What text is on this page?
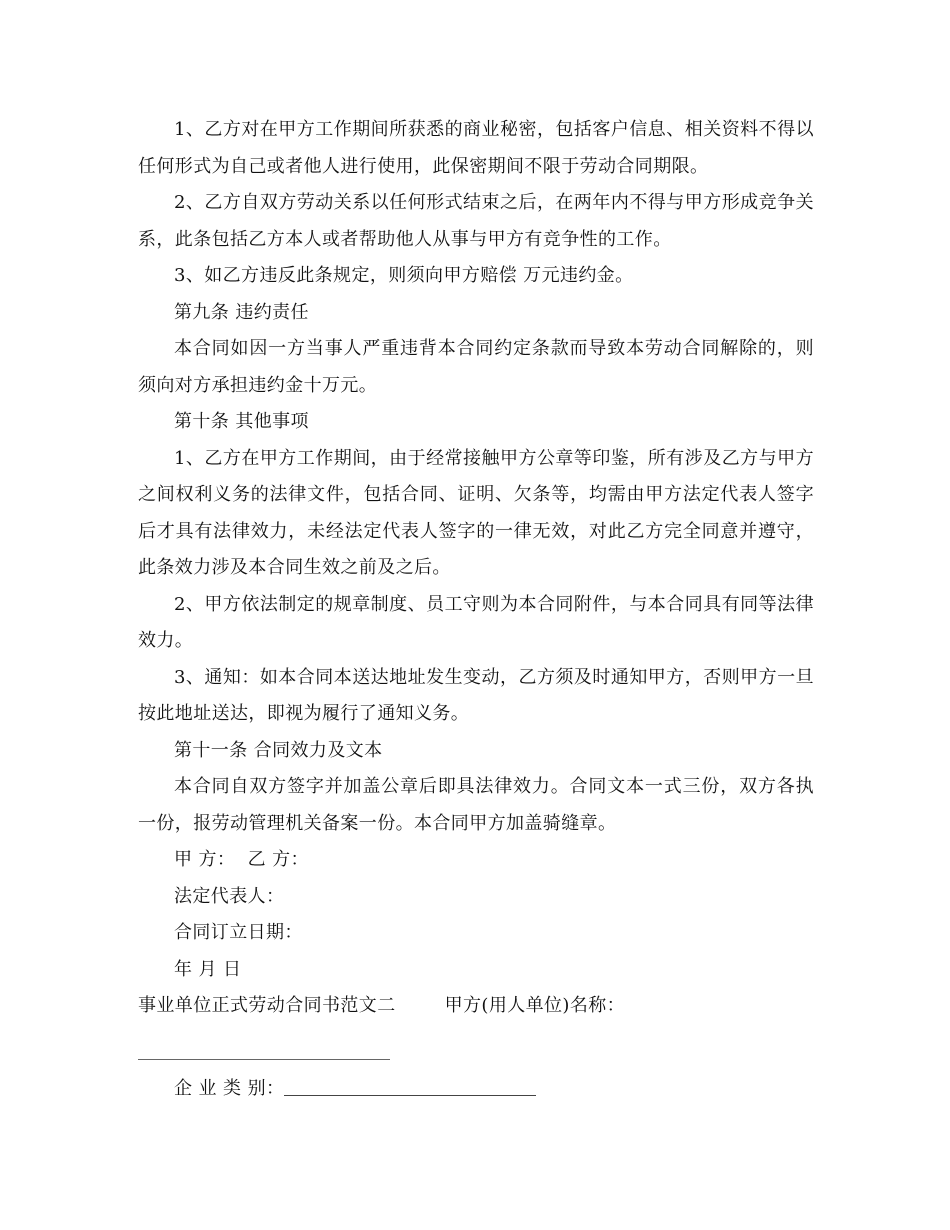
1、乙方对在甲方工作期间所获悉的商业秘密，包括客户信息、相关资料不得以任何形式为自己或者他人进行使用，此保密期间不限于劳动合同期限。

2、乙方自双方劳动关系以任何形式结束之后，在两年内不得与甲方形成竞争关系，此条包括乙方本人或者帮助他人从事与甲方有竞争性的工作。

3、如乙方违反此条规定，则须向甲方赔偿 万元违约金。

第九条 违约责任

本合同如因一方当事人严重违背本合同约定条款而导致本劳动合同解除的，则须向对方承担违约金十万元。

第十条 其他事项

1、乙方在甲方工作期间，由于经常接触甲方公章等印鉴，所有涉及乙方与甲方之间权利义务的法律文件，包括合同、证明、欠条等，均需由甲方法定代表人签字后才具有法律效力，未经法定代表人签字的一律无效，对此乙方完全同意并遵守，此条效力涉及本合同生效之前及之后。

2、甲方依法制定的规章制度、员工守则为本合同附件，与本合同具有同等法律效力。

3、通知：如本合同本送达地址发生变动，乙方须及时通知甲方，否则甲方一旦按此地址送达，即视为履行了通知义务。

第十一条 合同效力及文本

本合同自双方签字并加盖公章后即具法律效力。合同文本一式三份，双方各执一份，报劳动管理机关备案一份。本合同甲方加盖骑缝章。

甲 方：  乙 方：

法定代表人：

合同订立日期：

年 月 日

事业单位正式劳动合同书范文二	甲方(用人单位)名称：

企 业 类 别：
